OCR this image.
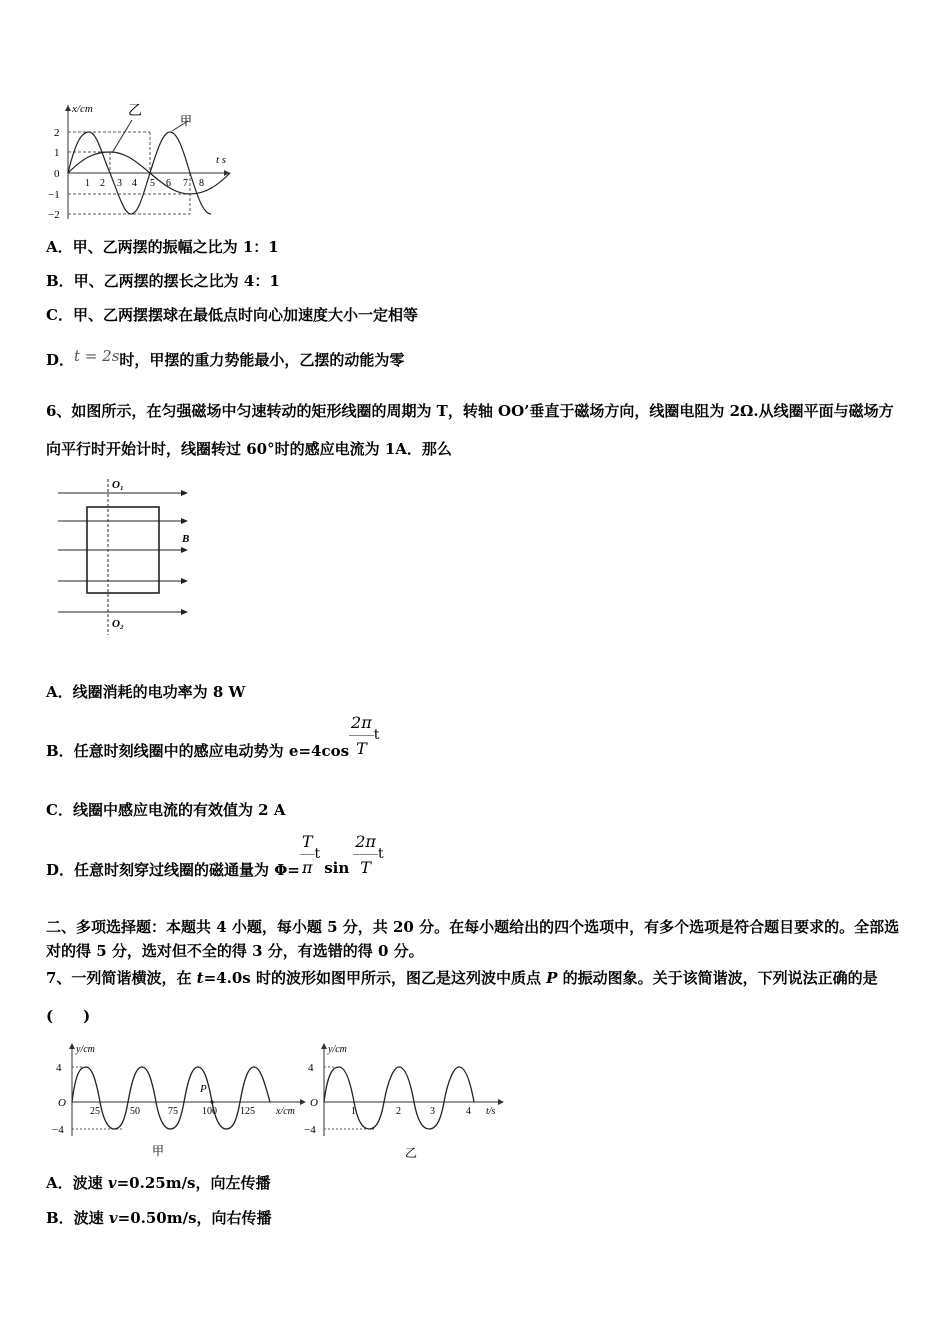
x/cm
t s
乙
甲
2
1
0
−1
−2
1 2 3 4 5 6 7 8
A．甲、乙两摆的振幅之比为 1：1
B．甲、乙两摆的摆长之比为 4：1
C．甲、乙两摆摆球在最低点时向心加速度大小一定相等
D．t = 2s时，甲摆的重力势能最小，乙摆的动能为零
6、如图所示，在匀强磁场中匀速转动的矩形线圈的周期为 T，转轴 OO’垂直于磁场方向，线圈电阻为 2Ω.从线圈平面与磁场方向平行时开始计时，线圈转过 60°时的感应电流为 1A．那么
O₁
O₂
B
A．线圈消耗的电功率为 8 W
B．任意时刻线圈中的感应电动势为 $e=4\cos \frac{2\pi}{T}$ t
C．线圈中感应电流的有效值为 2 A
D．任意时刻穿过线圈的磁通量为 $\Phi= \frac{T}{\pi}$ t
$\sin \frac{2\pi}{T}$ t
二、多项选择题：本题共 4 小题，每小题 5 分，共 20 分。在每小题给出的四个选项中，有多个选项是符合题目要求的。全部选对的得 5 分，选对但不全的得 3 分，有选错的得 0 分。
7、一列简谐横波，在 t=4.0s 时的波形如图甲所示，图乙是这列波中质点 P 的振动图象。关于该简谐波，下列说法正确的是(　　)
y/cm
x/cm
4
−4
O
25	50	75 100 125
P
甲
y/cm
t/s
4
−4
O
1	2	3	4
乙
A．波速 v=0.25m/s，向左传播
B．波速 v=0.50m/s，向右传播
